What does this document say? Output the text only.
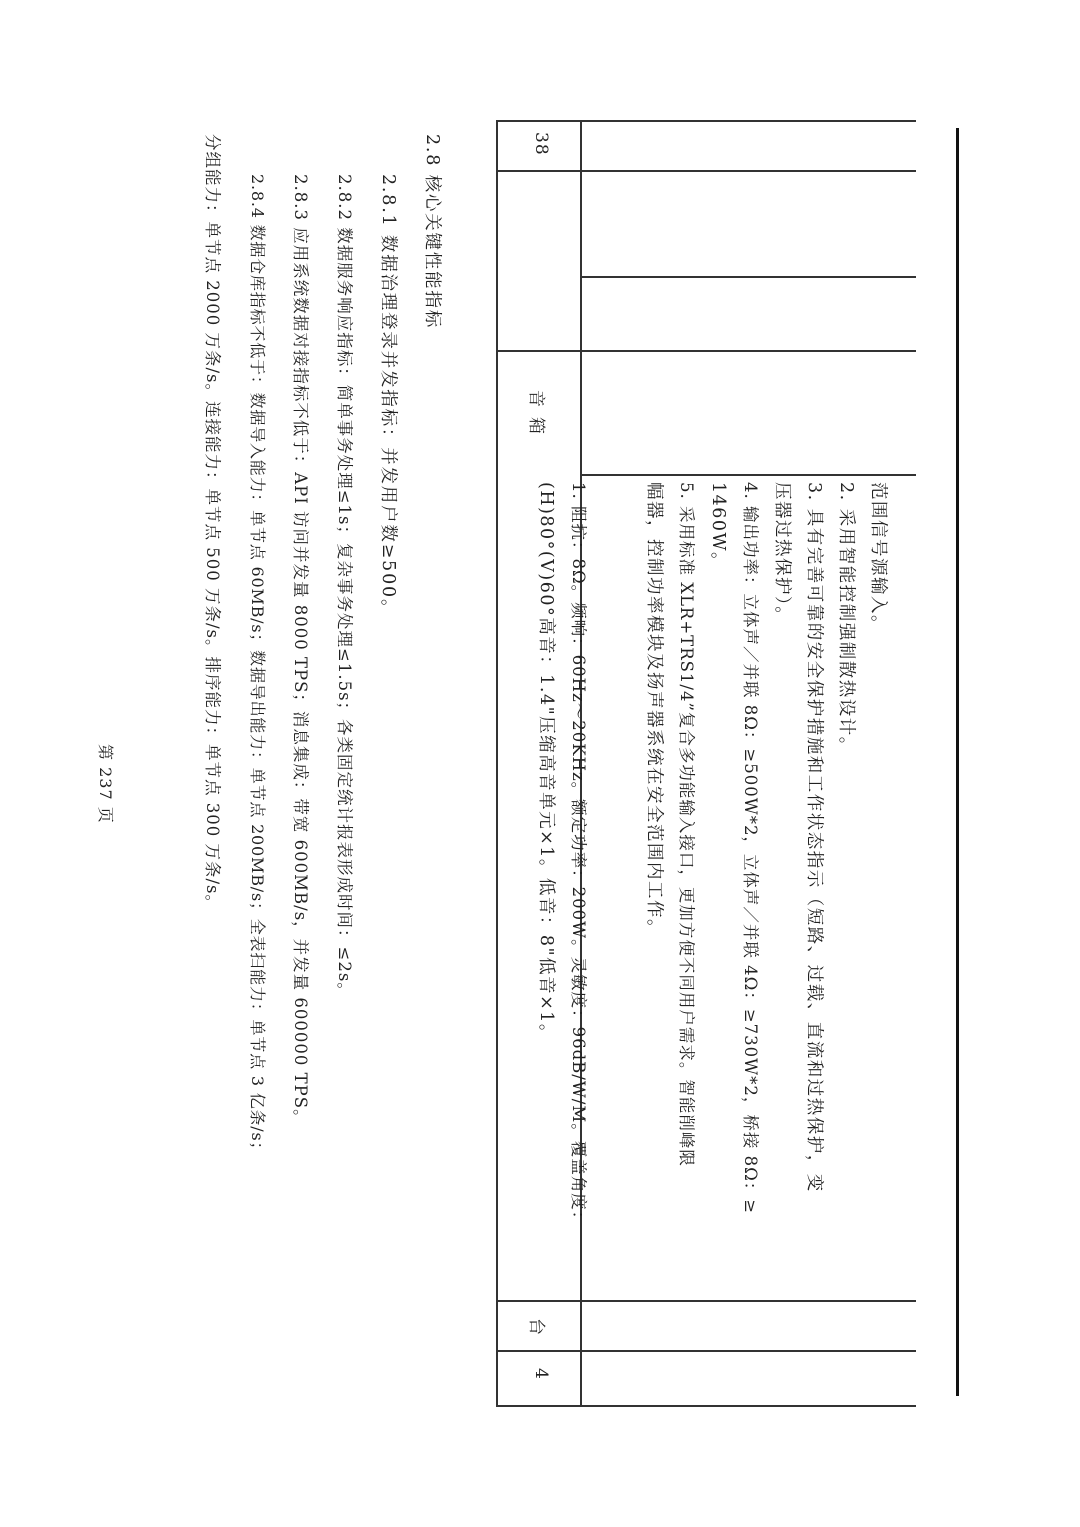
38
音箱
台
4
范围信号源输入。
2. 采用智能控制强制散热设计。
3. 具有完善可靠的安全保护措施和工作状态指示（短路、过载、直流和过热保护，变
压器过热保护）。
4. 输出功率：立体声／并联 8Ω：≥500W*2，立体声／并联 4Ω：≥730W*2，桥接 8Ω：≥
1460W。
5. 采用标准 XLR+TRS1/4”复合多功能输入接口，更加方便不同用户需求。智能削峰限
幅器，控制功率模块及扬声器系统在安全范围内工作。
1. 阻抗：8Ω。频响：60Hz～20KHz。额定功率：200W。灵敏度：96dB/W/M。覆盖角度：
(H)80°(V)60°高音：1.4"压缩高音单元×1。低音：8"低音×1。
2.8 核心关键性能指标
2.8.1 数据治理登录并发指标：并发用户数≥500。
2.8.2 数据服务响应指标：简单事务处理≤1s；复杂事务处理≤1.5s；各类固定统计报表形成时间：≤2s。
2.8.3 应用系统数据对接指标不低于：API 访问并发量 8000 TPS；消息集成：带宽 600MB/s，并发量 600000 TPS。
2.8.4 数据仓库指标不低于：数据导入能力：单节点 60MB/s；数据导出能力：单节点 200MB/s；全表扫能力：单节点 3 亿条/s；
分组能力：单节点 2000 万条/s。连接能力：单节点 500 万条/s。排序能力：单节点 300 万条/s。
第 237 页
